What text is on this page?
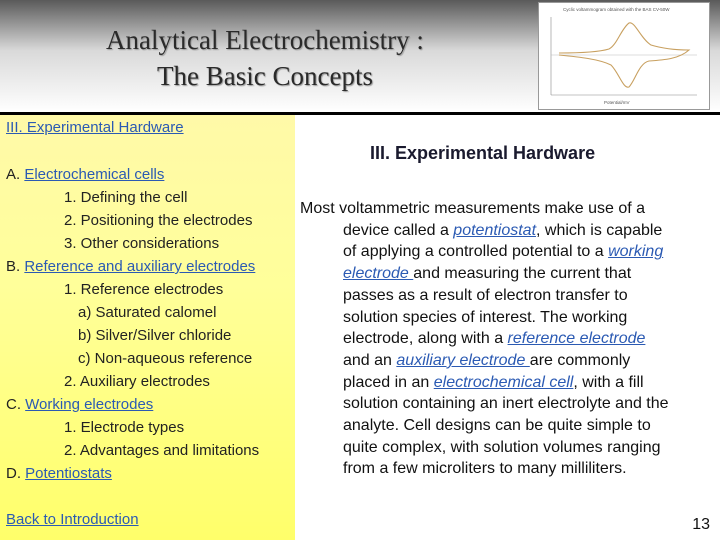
Analytical Electrochemistry :
The Basic Concepts
Cyclic voltammogram obtained with the BAS CV-50W
Potential/mV
III. Experimental Hardware
A. Electrochemical cells
1. Defining the cell
2. Positioning the electrodes
3. Other considerations
B. Reference and auxiliary electrodes
1. Reference electrodes
a) Saturated calomel
b) Silver/Silver chloride
c) Non-aqueous reference
2. Auxiliary electrodes
C. Working electrodes
1. Electrode types
2. Advantages and limitations
D. Potentiostats
Back to Introduction
III. Experimental Hardware
Most voltammetric measurements make use of a
device called a potentiostat, which is capable
of applying a controlled potential to a working
electrode and measuring the current that
passes as a result of electron transfer to
solution species of interest. The working
electrode, along with a reference electrode
and an auxiliary electrode are commonly
placed in an electrochemical cell, with a fill
solution containing an inert electrolyte and the
analyte. Cell designs can be quite simple to
quite complex, with solution volumes ranging
from a few microliters to many milliliters.
13
